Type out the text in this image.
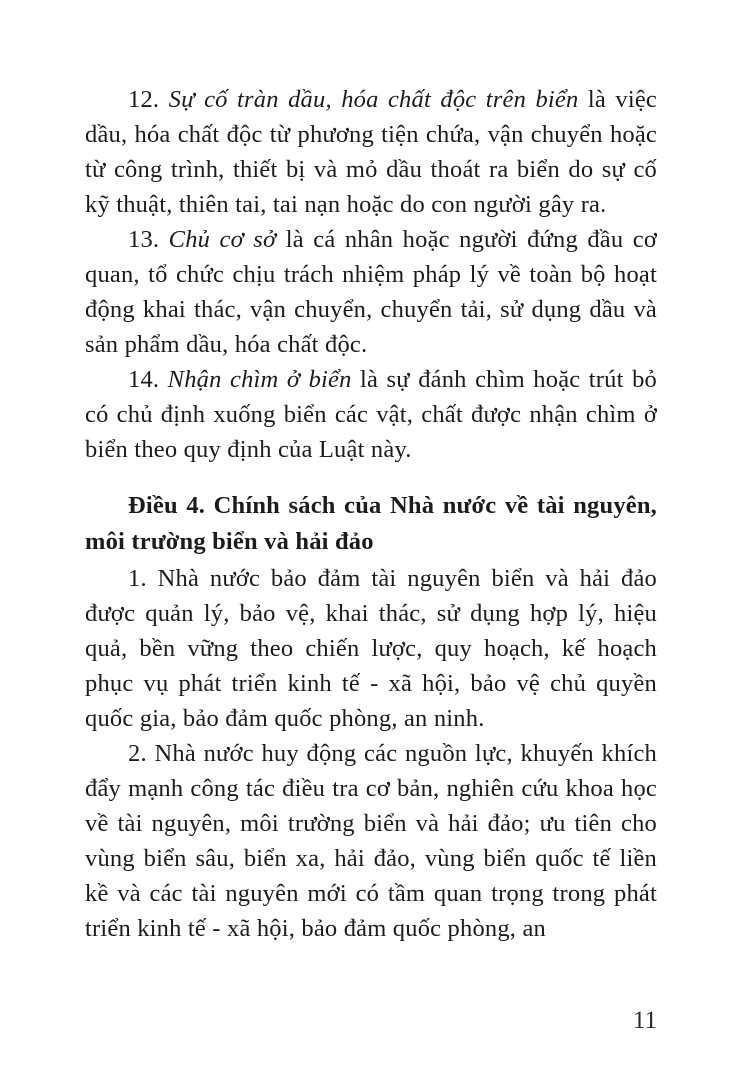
12. Sự cố tràn dầu, hóa chất độc trên biển là việc dầu, hóa chất độc từ phương tiện chứa, vận chuyển hoặc từ công trình, thiết bị và mỏ dầu thoát ra biển do sự cố kỹ thuật, thiên tai, tai nạn hoặc do con người gây ra.

13. Chủ cơ sở là cá nhân hoặc người đứng đầu cơ quan, tổ chức chịu trách nhiệm pháp lý về toàn bộ hoạt động khai thác, vận chuyển, chuyển tải, sử dụng dầu và sản phẩm dầu, hóa chất độc.

14. Nhận chìm ở biển là sự đánh chìm hoặc trút bỏ có chủ định xuống biển các vật, chất được nhận chìm ở biển theo quy định của Luật này.

Điều 4. Chính sách của Nhà nước về tài nguyên, môi trường biển và hải đảo

1. Nhà nước bảo đảm tài nguyên biển và hải đảo được quản lý, bảo vệ, khai thác, sử dụng hợp lý, hiệu quả, bền vững theo chiến lược, quy hoạch, kế hoạch phục vụ phát triển kinh tế - xã hội, bảo vệ chủ quyền quốc gia, bảo đảm quốc phòng, an ninh.

2. Nhà nước huy động các nguồn lực, khuyến khích đẩy mạnh công tác điều tra cơ bản, nghiên cứu khoa học về tài nguyên, môi trường biển và hải đảo; ưu tiên cho vùng biển sâu, biển xa, hải đảo, vùng biển quốc tế liền kề và các tài nguyên mới có tầm quan trọng trong phát triển kinh tế - xã hội, bảo đảm quốc phòng, an

11
